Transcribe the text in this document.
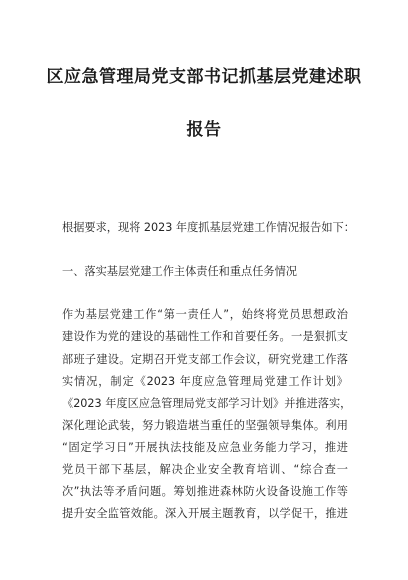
区应急管理局党支部书记抓基层党建述职
报告
根据要求，现将 2023 年度抓基层党建工作情况报告如下：
一、落实基层党建工作主体责任和重点任务情况
作为基层党建工作“第一责任人”，始终将党员思想政治
建设作为党的建设的基础性工作和首要任务。一是狠抓支
部班子建设。定期召开党支部工作会议，研究党建工作落
实情况，制定《2023 年度应急管理局党建工作计划》
《2023 年度区应急管理局党支部学习计划》并推进落实，
深化理论武装，努力锻造堪当重任的坚强领导集体。利用
“固定学习日”开展执法技能及应急业务能力学习，推进
党员干部下基层，解决企业安全教育培训、“综合查一
次”执法等矛盾问题。筹划推进森林防火设备设施工作等
提升安全监管效能。深入开展主题教育，以学促干，推进
